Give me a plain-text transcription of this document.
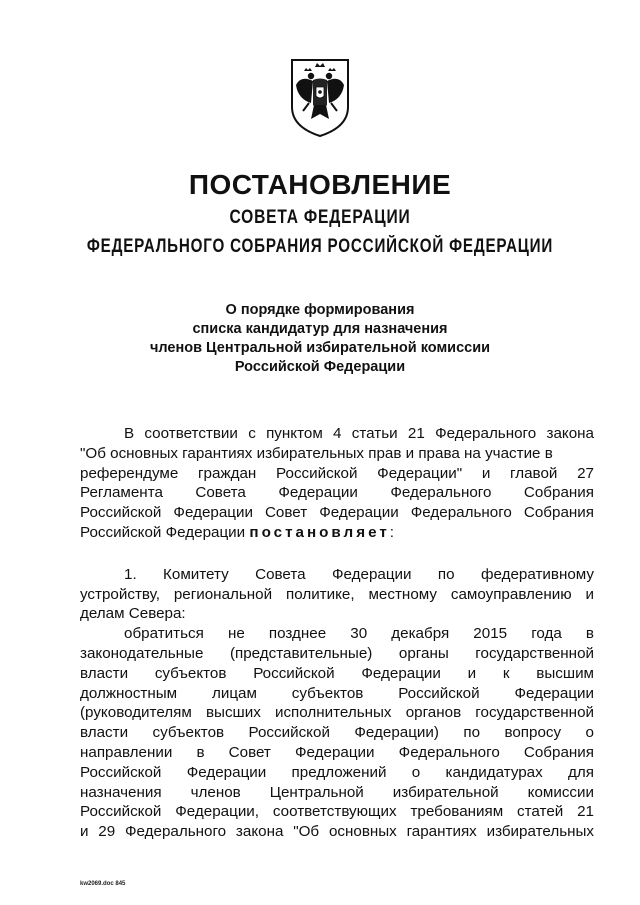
ПОСТАНОВЛЕНИЕ
СОВЕТА ФЕДЕРАЦИИ
ФЕДЕРАЛЬНОГО СОБРАНИЯ РОССИЙСКОЙ ФЕДЕРАЦИИ
О порядке формирования
списка кандидатур для назначения
членов Центральной избирательной комиссии
Российской Федерации
В соответствии с пунктом 4 статьи 21 Федерального закона
"Об основных гарантиях избирательных прав и права на участие в
референдуме граждан Российской Федерации" и главой 27
Регламента Совета Федерации Федерального Собрания
Российской Федерации Совет Федерации Федерального Собрания
Российской Федерации постановляет:
1. Комитету Совета Федерации по федеративному
устройству, региональной политике, местному самоуправлению и
делам Севера:
обратиться не позднее 30 декабря 2015 года в
законодательные (представительные) органы государственной
власти субъектов Российской Федерации и к высшим
должностным лицам субъектов Российской Федерации
(руководителям высших исполнительных органов государственной
власти субъектов Российской Федерации) по вопросу о
направлении в Совет Федерации Федерального Собрания
Российской Федерации предложений о кандидатурах для
назначения членов Центральной избирательной комиссии
Российской Федерации, соответствующих требованиям статей 21
и 29 Федерального закона "Об основных гарантиях избирательных
kw2069.doc 845
